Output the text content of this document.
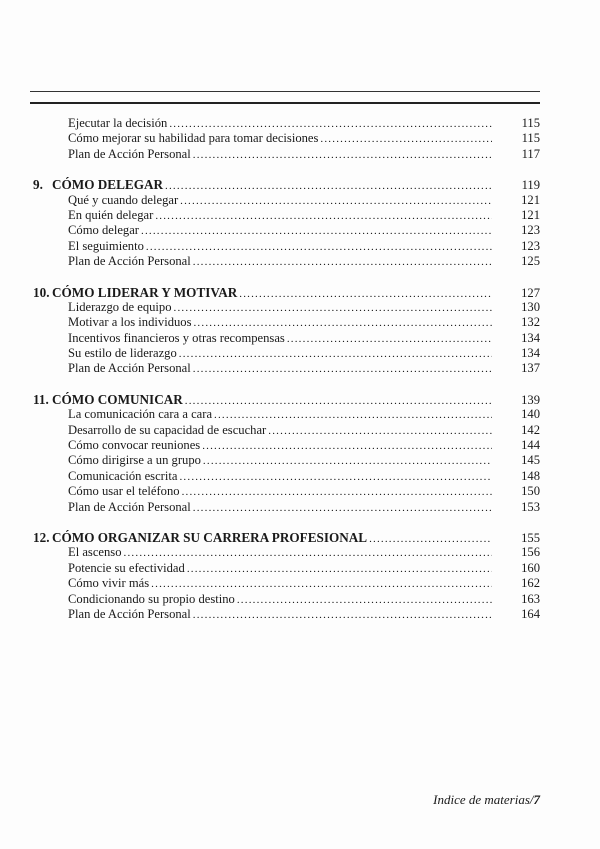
Ejecutar la decisión .....	115
Cómo mejorar su habilidad para tomar decisiones .....	115
Plan de Acción Personal .....	117
9. CÓMO DELEGAR .....	119
Qué y cuando delegar .....	121
En quién delegar .....	121
Cómo delegar .....	123
El seguimiento .....	123
Plan de Acción Personal .....	125
10. CÓMO LIDERAR Y MOTIVAR .....	127
Liderazgo de equipo .....	130
Motivar a los individuos .....	132
Incentivos financieros y otras recompensas .....	134
Su estilo de liderazgo .....	134
Plan de Acción Personal .....	137
11. CÓMO COMUNICAR .....	139
La comunicación cara a cara .....	140
Desarrollo de su capacidad de escuchar .....	142
Cómo convocar reuniones .....	144
Cómo dirigirse a un grupo .....	145
Comunicación escrita .....	148
Cómo usar el teléfono .....	150
Plan de Acción Personal .....	153
12. CÓMO ORGANIZAR SU CARRERA PROFESIONAL .....	155
El ascenso .....	156
Potencie su efectividad .....	160
Cómo vivir más .....	162
Condicionando su propio destino .....	163
Plan de Acción Personal .....	164
Indice de materias/7
